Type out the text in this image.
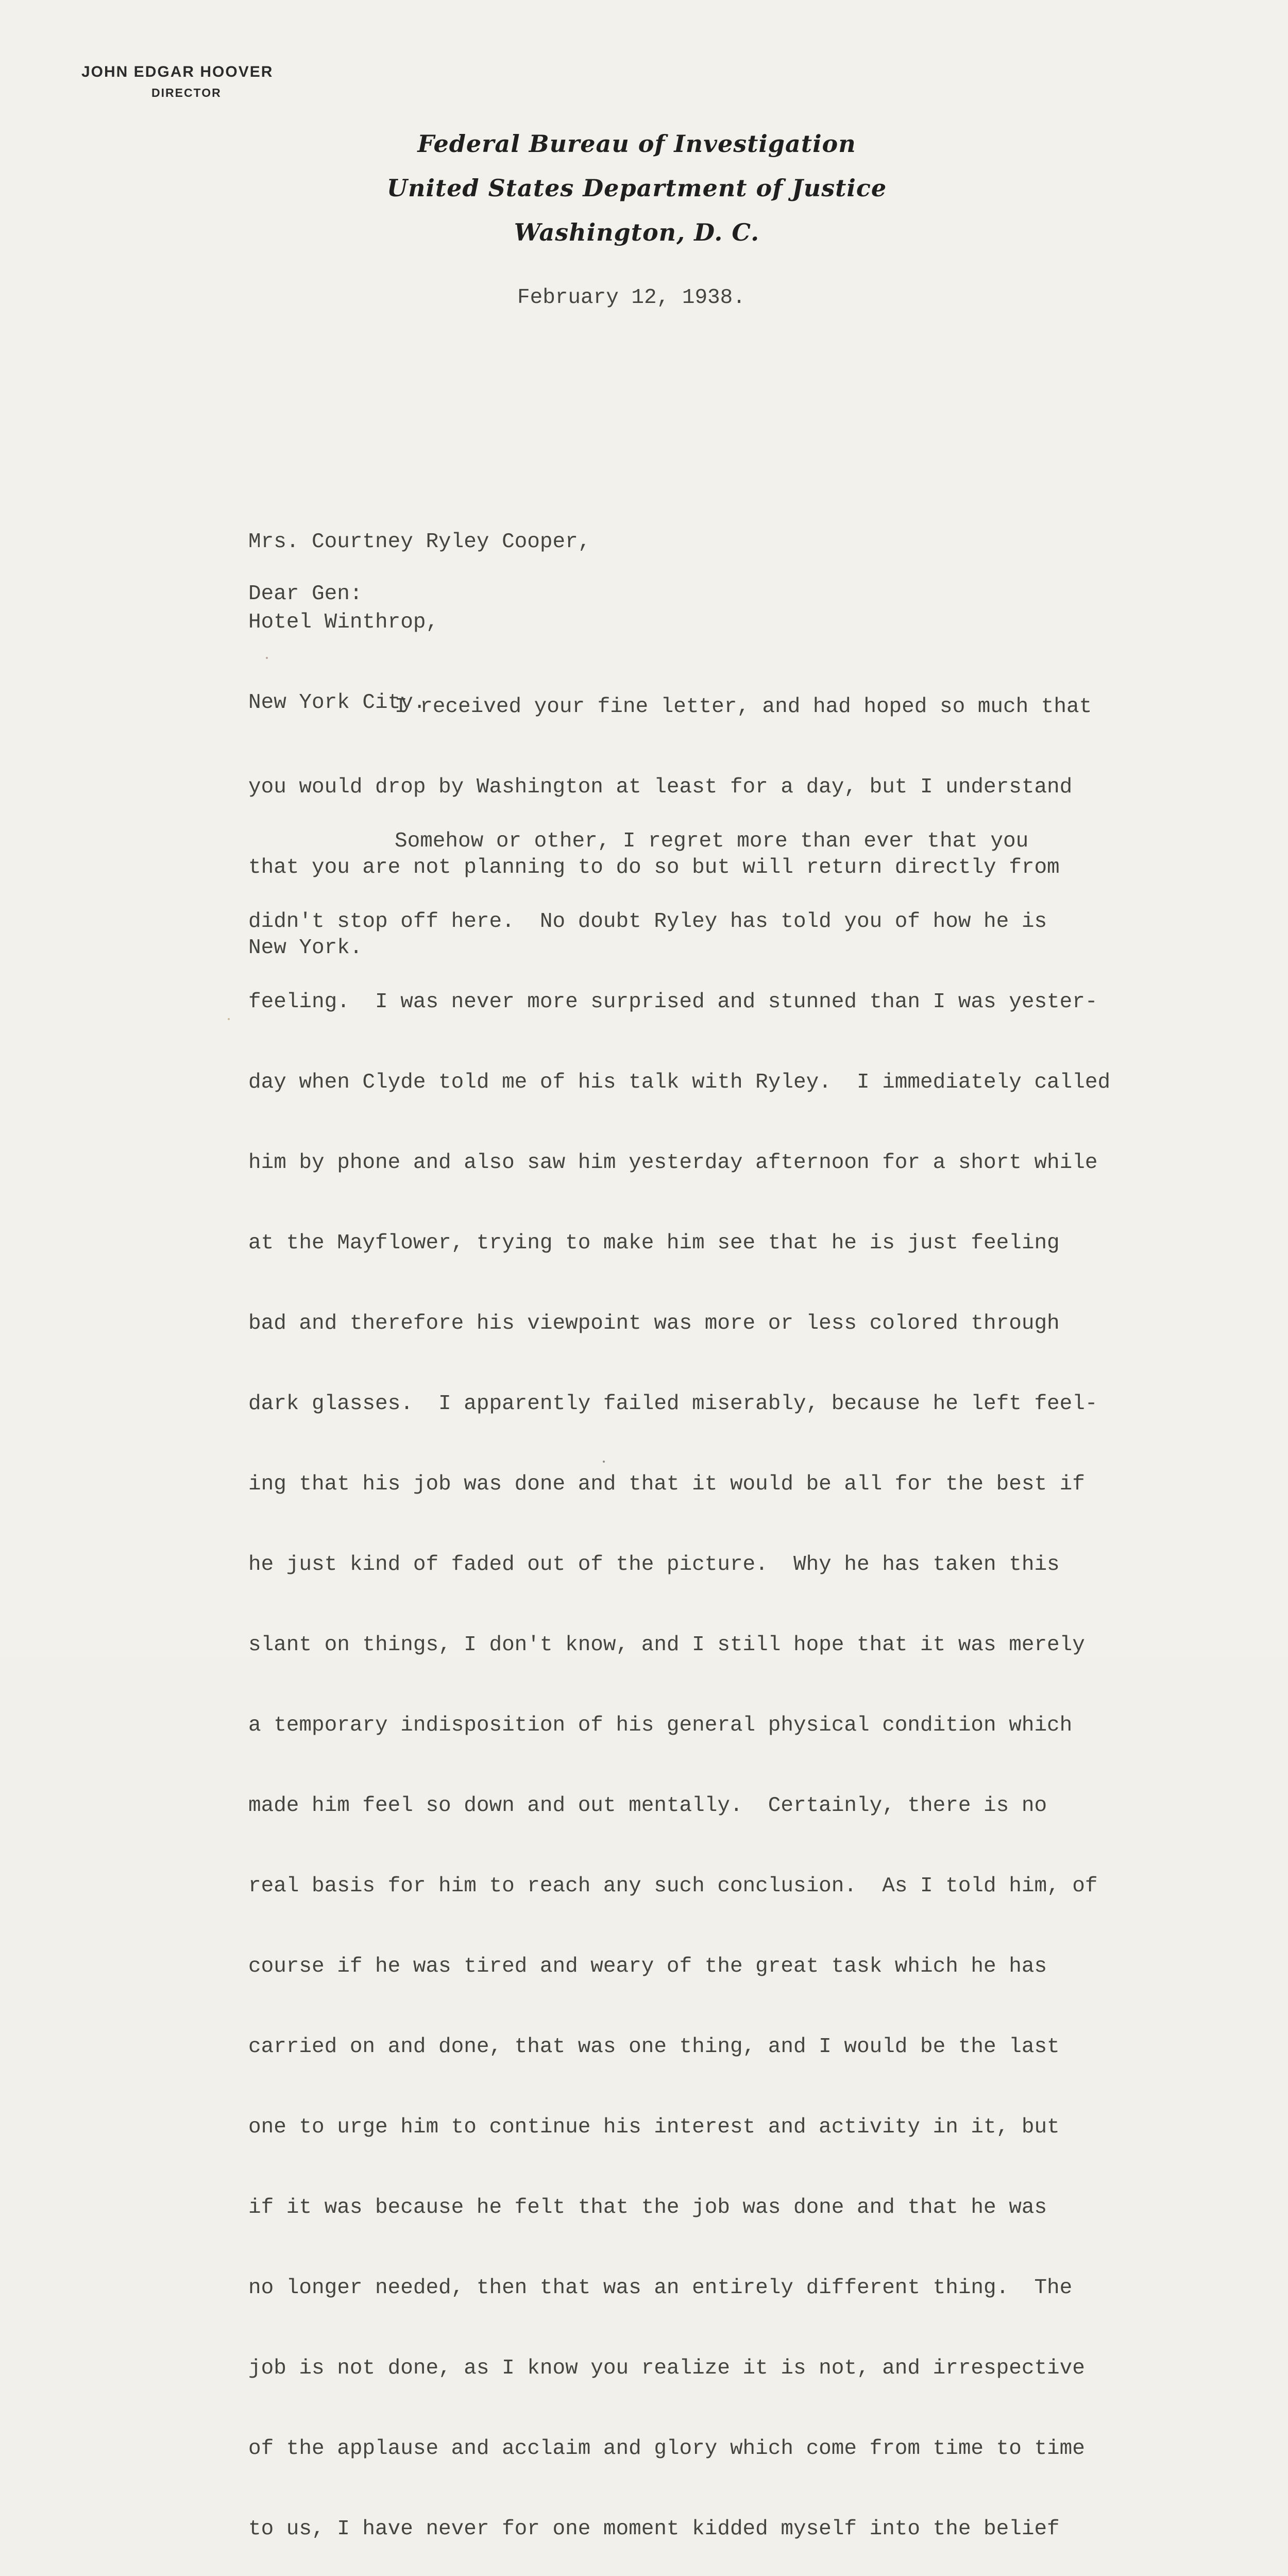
JOHN EDGAR HOOVER
DIRECTOR
Federal Bureau of Investigation
United States Department of Justice
Washington, D. C.
February 12, 1938.

Mrs. Courtney Ryley Cooper,

Hotel Winthrop,

New York City.

Dear Gen:

I received your fine letter, and had hoped so much that

you would drop by Washington at least for a day, but I understand

that you are not planning to do so but will return directly from

New York.

Somehow or other, I regret more than ever that you

didn't stop off here.  No doubt Ryley has told you of how he is

feeling.  I was never more surprised and stunned than I was yester-

day when Clyde told me of his talk with Ryley.  I immediately called

him by phone and also saw him yesterday afternoon for a short while

at the Mayflower, trying to make him see that he is just feeling

bad and therefore his viewpoint was more or less colored through

dark glasses.  I apparently failed miserably, because he left feel-

ing that his job was done and that it would be all for the best if

he just kind of faded out of the picture.  Why he has taken this

slant on things, I don't know, and I still hope that it was merely

a temporary indisposition of his general physical condition which

made him feel so down and out mentally.  Certainly, there is no

real basis for him to reach any such conclusion.  As I told him, of

course if he was tired and weary of the great task which he has

carried on and done, that was one thing, and I would be the last

one to urge him to continue his interest and activity in it, but

if it was because he felt that the job was done and that he was

no longer needed, then that was an entirely different thing.  The

job is not done, as I know you realize it is not, and irrespective

of the applause and acclaim and glory which come from time to time

to us, I have never for one moment kidded myself into the belief
